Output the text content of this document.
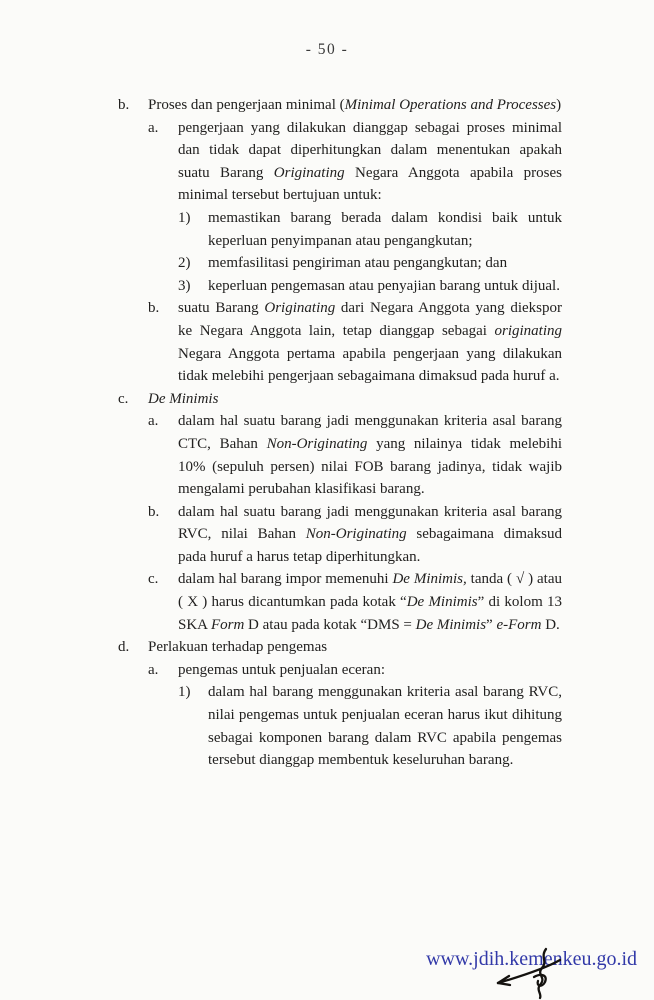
- 50 -
b.	Proses dan pengerjaan minimal (Minimal Operations and Processes)
a.	pengerjaan yang dilakukan dianggap sebagai proses minimal dan tidak dapat diperhitungkan dalam menentukan apakah suatu Barang Originating Negara Anggota apabila proses minimal tersebut bertujuan untuk:
1)	memastikan barang berada dalam kondisi baik untuk keperluan penyimpanan atau pengangkutan;
2)	memfasilitasi pengiriman atau pengangkutan; dan
3)	keperluan pengemasan atau penyajian barang untuk dijual.
b.	suatu Barang Originating dari Negara Anggota yang diekspor ke Negara Anggota lain, tetap dianggap sebagai originating Negara Anggota pertama apabila pengerjaan yang dilakukan tidak melebihi pengerjaan sebagaimana dimaksud pada huruf a.
c.	De Minimis
a.	dalam hal suatu barang jadi menggunakan kriteria asal barang CTC, Bahan Non-Originating yang nilainya tidak melebihi 10% (sepuluh persen) nilai FOB barang jadinya, tidak wajib mengalami perubahan klasifikasi barang.
b.	dalam hal suatu barang jadi menggunakan kriteria asal barang RVC, nilai Bahan Non-Originating sebagaimana dimaksud pada huruf a harus tetap diperhitungkan.
c.	dalam hal barang impor memenuhi De Minimis, tanda ( √ ) atau ( X ) harus dicantumkan pada kotak “De Minimis” di kolom 13 SKA Form D atau pada kotak “DMS = De Minimis” e-Form D.
d.	Perlakuan terhadap pengemas
a.	pengemas untuk penjualan eceran:
1)	dalam hal barang menggunakan kriteria asal barang RVC, nilai pengemas untuk penjualan eceran harus ikut dihitung sebagai komponen barang dalam RVC apabila pengemas tersebut dianggap membentuk keseluruhan barang.
www.jdih.kemenkeu.go.id
